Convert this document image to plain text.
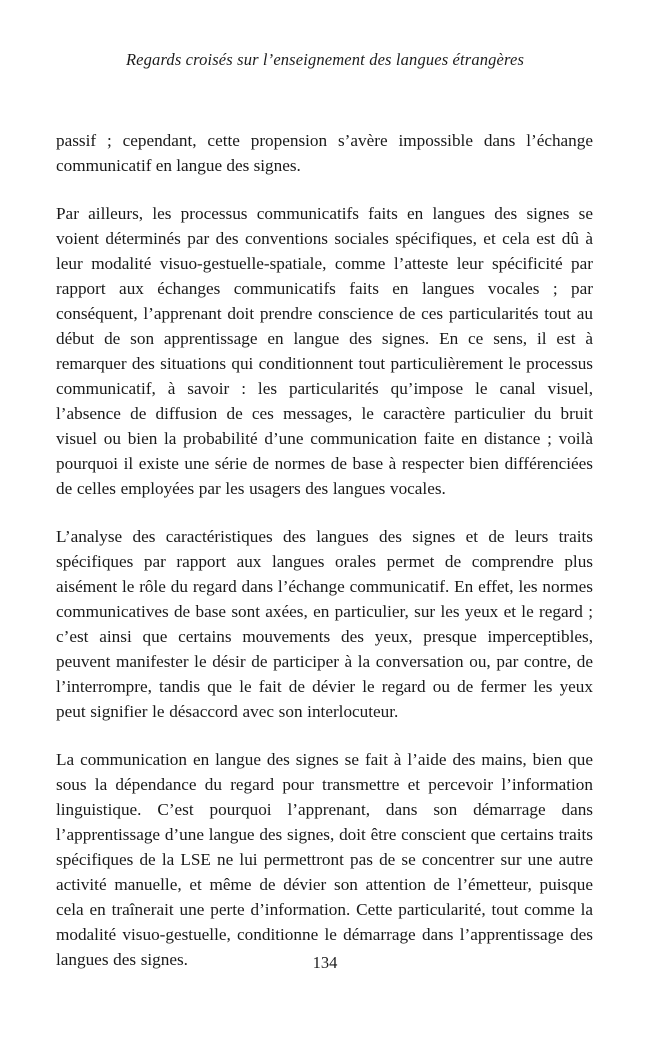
Regards croisés sur l’enseignement des langues étrangères

passif ; cependant, cette propension s’avère impossible dans l’échange communicatif en langue des signes.

Par ailleurs, les processus communicatifs faits en langues des signes se voient déterminés par des conventions sociales spécifiques, et cela est dû à leur modalité visuo-gestuelle-spatiale, comme l’atteste leur spécificité par rapport aux échanges communicatifs faits en langues vocales ; par conséquent, l’apprenant doit prendre conscience de ces particularités tout au début de son apprentissage en langue des signes. En ce sens, il est à remarquer des situations qui conditionnent tout particulièrement le processus communicatif, à savoir : les particularités qu’impose le canal visuel, l’absence de diffusion de ces messages, le caractère particulier du bruit visuel ou bien la probabilité d’une communication faite en distance ; voilà pourquoi il existe une série de normes de base à respecter bien différenciées de celles employées par les usagers des langues vocales.

L’analyse des caractéristiques des langues des signes et de leurs traits spécifiques par rapport aux langues orales permet de comprendre plus aisément le rôle du regard dans l’échange communicatif. En effet, les normes communicatives de base sont axées, en particulier, sur les yeux et le regard ; c’est ainsi que certains mouvements des yeux, presque imperceptibles, peuvent manifester le désir de participer à la conversation ou, par contre, de l’interrompre, tandis que le fait de dévier le regard ou de fermer les yeux peut signifier le désaccord avec son interlocuteur.

La communication en langue des signes se fait à l’aide des mains, bien que sous la dépendance du regard pour transmettre et percevoir l’information linguistique. C’est pourquoi l’apprenant, dans son démarrage dans l’apprentissage d’une langue des signes, doit être conscient que certains traits spécifiques de la LSE ne lui permettront pas de se concentrer sur une autre activité manuelle, et même de dévier son attention de l’émetteur, puisque cela en traînerait une perte d’information. Cette particularité, tout comme la modalité visuo-gestuelle, conditionne le démarrage dans l’apprentissage des langues des signes.	134
